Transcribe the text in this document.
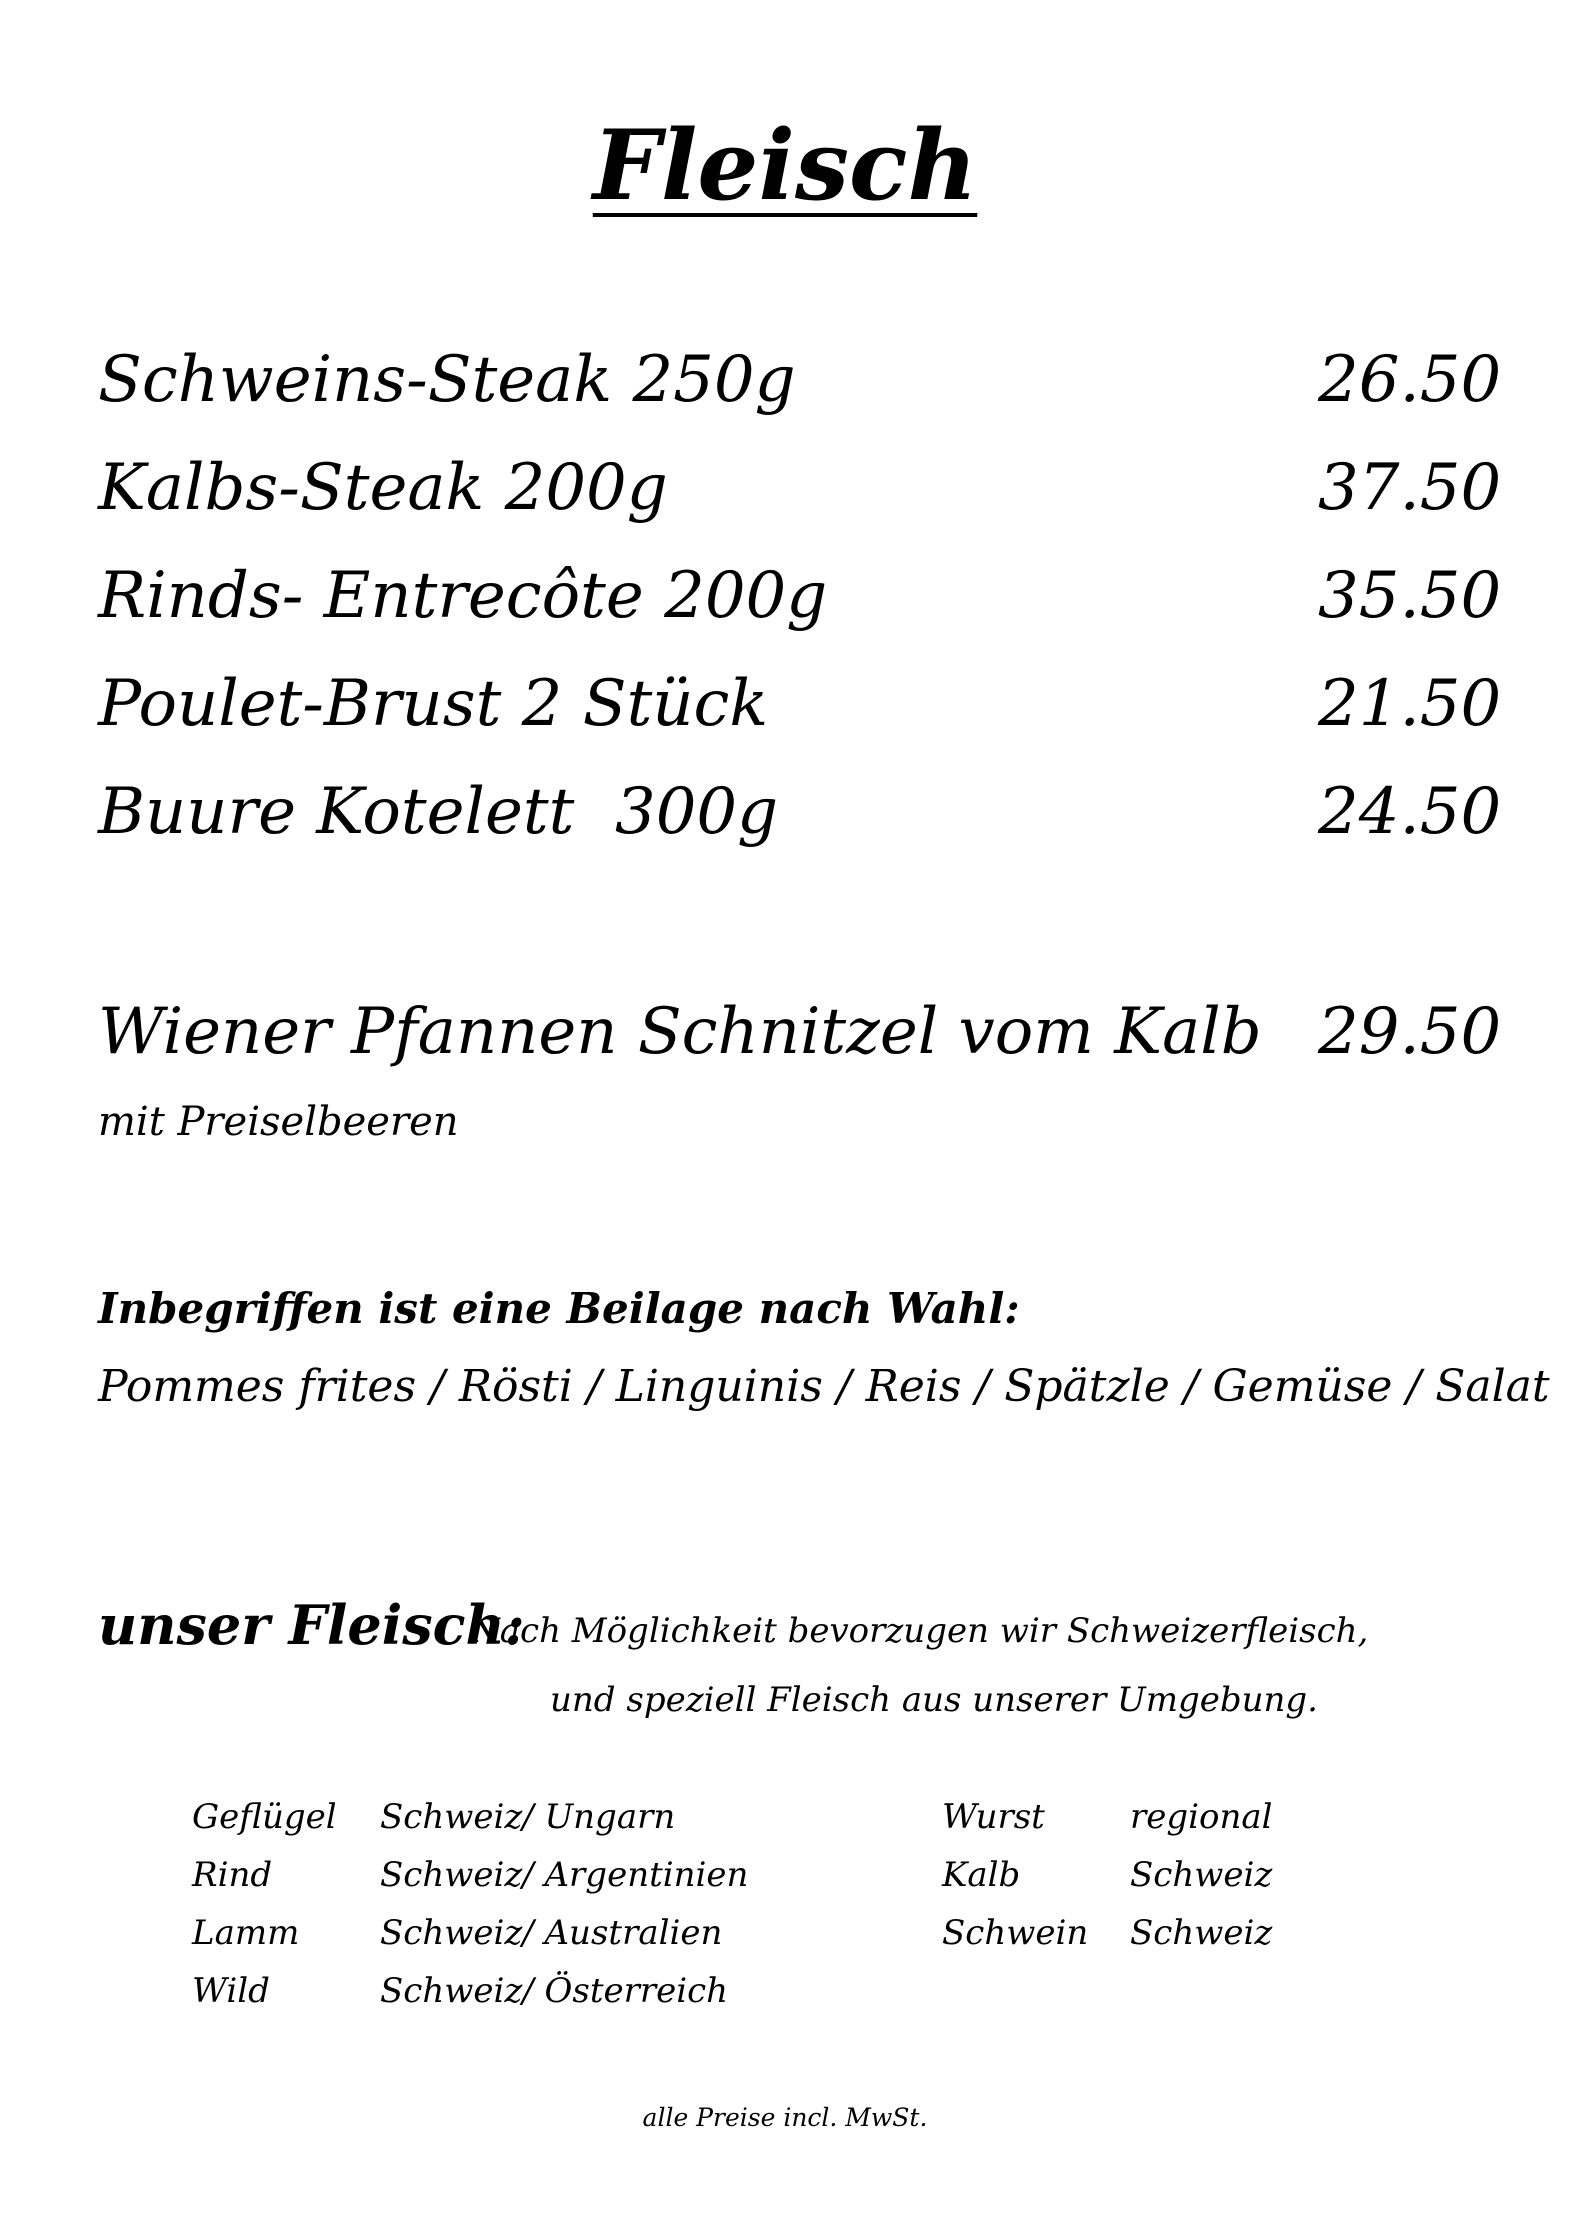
Fleisch
Schweins-Steak 250g	26.50
Kalbs-Steak 200g	37.50
Rinds- Entrecôte 200g	35.50
Poulet-Brust 2 Stück	21.50
Buure Kotelett  300g	24.50
Wiener Pfannen Schnitzel vom Kalb 29.50
mit Preiselbeeren
Inbegriffen ist eine Beilage nach Wahl:
Pommes frites / Rösti / Linguinis / Reis / Spätzle / Gemüse / Salat
unser Fleisch:
Nach Möglichkeit bevorzugen wir Schweizerfleisch,
und speziell Fleisch aus unserer Umgebung.
Geflügel Schweiz/ Ungarn
Rind	Schweiz/ Argentinien
Lamm Schweiz/ Australien
Wild	Schweiz/ Österreich
Wurst	regional
Kalb	Schweiz
Schwein Schweiz
alle Preise incl. MwSt.
